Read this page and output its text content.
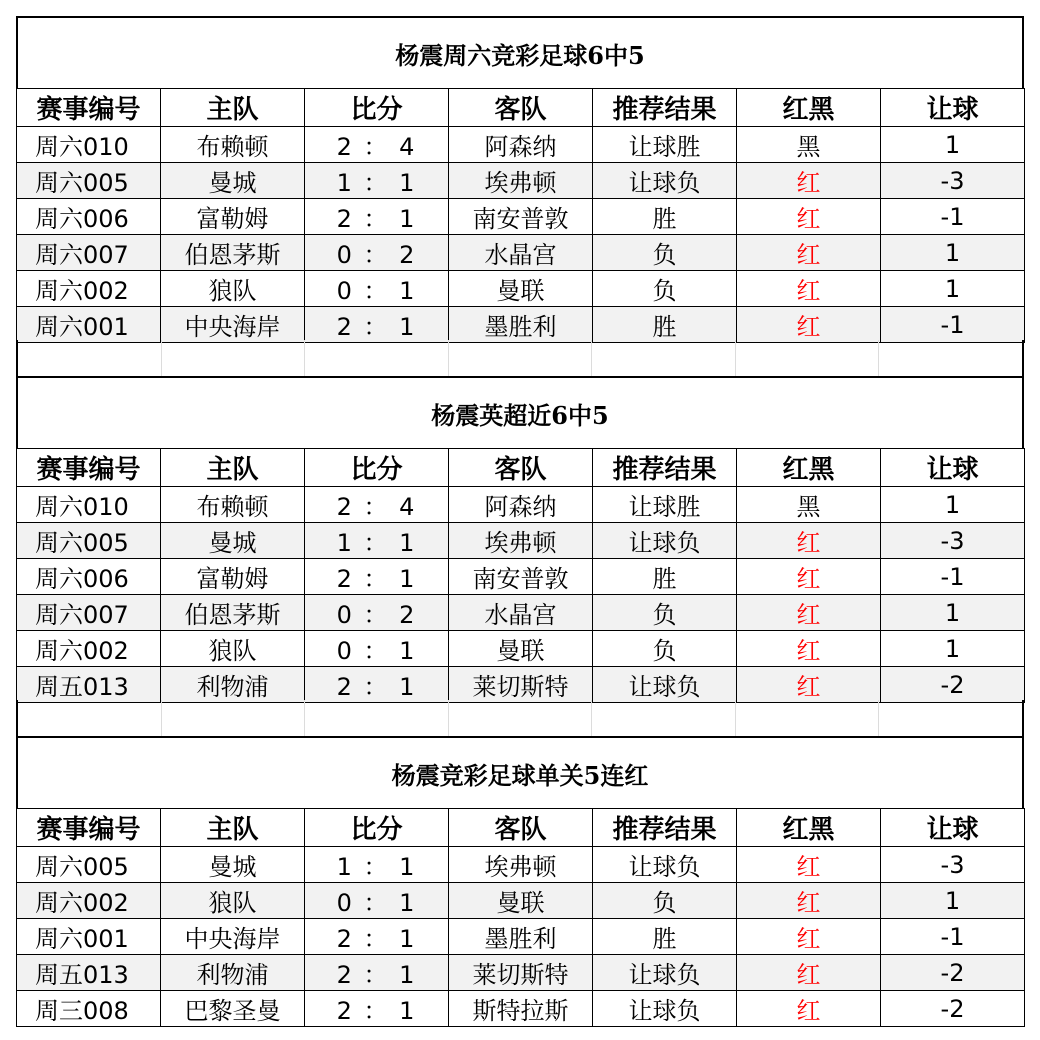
杨震周六竞彩足球6中5
赛事编号	主队	比分	客队	推荐结果	红黑	让球
周六010	布赖顿	2 ： 4	阿森纳	让球胜	黑	1
周六005	曼城	1 ： 1	埃弗顿	让球负	红	-3
周六006	富勒姆	2 ： 1	南安普敦	胜	红	-1
周六007	伯恩茅斯	0 ： 2	水晶宫	负	红	1
周六002	狼队	0 ： 1	曼联	负	红	1
周六001	中央海岸	2 ： 1	墨胜利	胜	红	-1
杨震英超近6中5
赛事编号	主队	比分	客队	推荐结果	红黑	让球
周六010	布赖顿	2 ： 4	阿森纳	让球胜	黑	1
周六005	曼城	1 ： 1	埃弗顿	让球负	红	-3
周六006	富勒姆	2 ： 1	南安普敦	胜	红	-1
周六007	伯恩茅斯	0 ： 2	水晶宫	负	红	1
周六002	狼队	0 ： 1	曼联	负	红	1
周五013	利物浦	2 ： 1	莱切斯特	让球负	红	-2
杨震竞彩足球单关5连红
赛事编号	主队	比分	客队	推荐结果	红黑	让球
周六005	曼城	1 ： 1	埃弗顿	让球负	红	-3
周六002	狼队	0 ： 1	曼联	负	红	1
周六001	中央海岸	2 ： 1	墨胜利	胜	红	-1
周五013	利物浦	2 ： 1	莱切斯特	让球负	红	-2
周三008	巴黎圣曼	2 ： 1	斯特拉斯	让球负	红	-2
